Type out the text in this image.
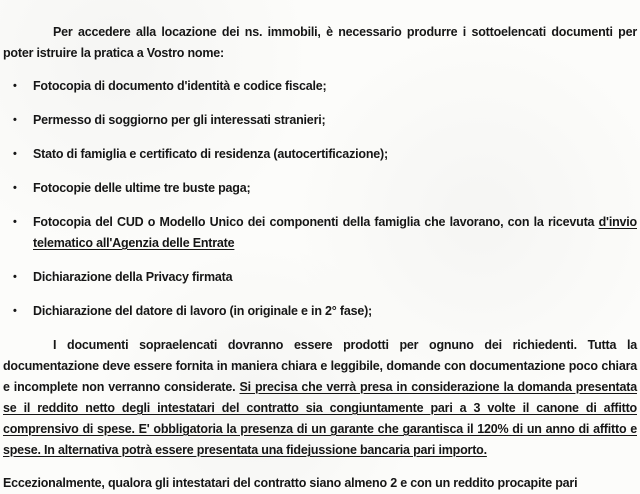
Per accedere alla locazione dei ns. immobili, è necessario produrre i sottoelencati documenti per poter istruire la pratica a Vostro nome:

• Fotocopia di documento d'identità e codice fiscale;
• Permesso di soggiorno per gli interessati stranieri;
• Stato di famiglia e certificato di residenza (autocertificazione);
• Fotocopie delle ultime tre buste paga;
• Fotocopia del CUD o Modello Unico dei componenti della famiglia che lavorano, con la ricevuta d'invio telematico all'Agenzia delle Entrate
• Dichiarazione della Privacy firmata
• Dichiarazione del datore di lavoro (in originale e in 2° fase);

I documenti sopraelencati dovranno essere prodotti per ognuno dei richiedenti. Tutta la documentazione deve essere fornita in maniera chiara e leggibile, domande con documentazione poco chiara e incomplete non verranno considerate. Si precisa che verrà presa in considerazione la domanda presentata se il reddito netto degli intestatari del contratto sia congiuntamente pari a 3 volte il canone di affitto comprensivo di spese. E' obbligatoria la presenza di un garante che garantisca il 120% di un anno di affitto e spese. In alternativa potrà essere presentata una fidejussione bancaria pari importo.

Eccezionalmente, qualora gli intestatari del contratto siano almeno 2 e con un reddito procapite pari
